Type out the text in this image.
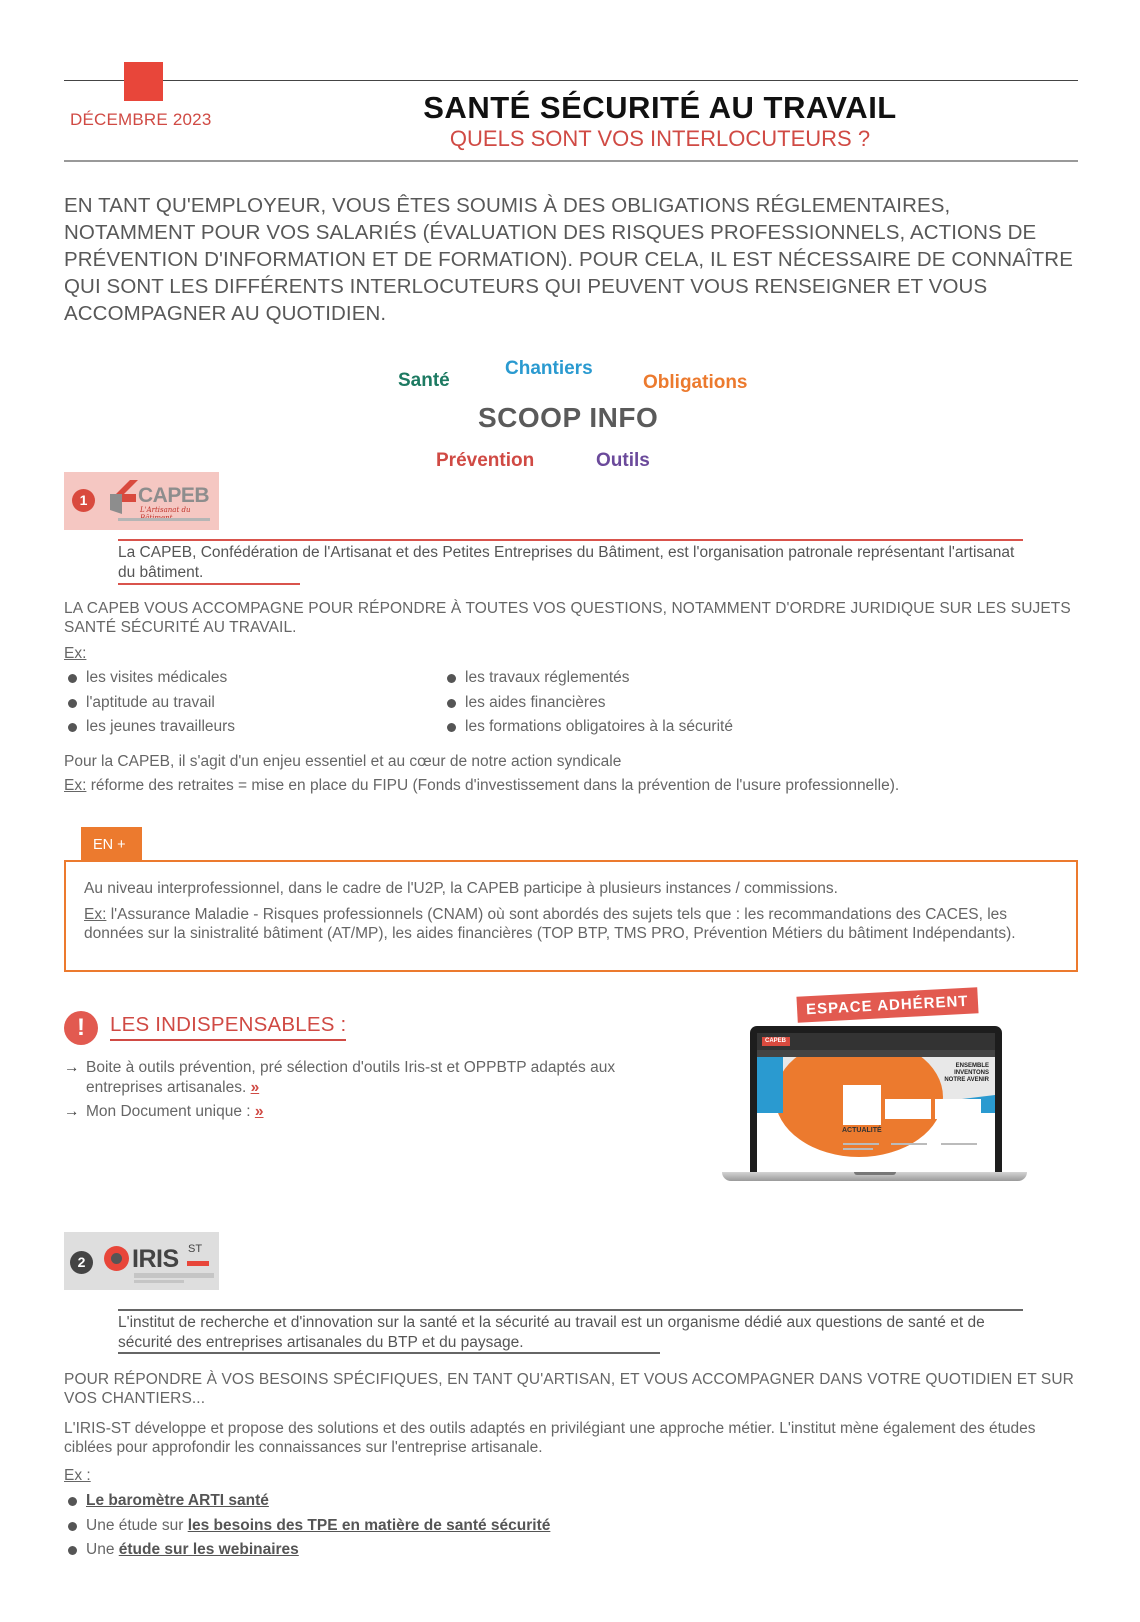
DÉCEMBRE 2023	SANTÉ SÉCURITÉ AU TRAVAIL
QUELS SONT VOS INTERLOCUTEURS ?

EN TANT QU'EMPLOYEUR, VOUS ÊTES SOUMIS À DES OBLIGATIONS RÉGLEMENTAIRES, NOTAMMENT POUR VOS SALARIÉS (ÉVALUATION DES RISQUES PROFESSIONNELS, ACTIONS DE PRÉVENTION D'INFORMATION ET DE FORMATION). POUR CELA, IL EST NÉCESSAIRE DE CONNAÎTRE QUI SONT LES DIFFÉRENTS INTERLOCUTEURS QUI PEUVENT VOUS RENSEIGNER ET VOUS ACCOMPAGNER AU QUOTIDIEN.

Santé
Chantiers
Obligations
SCOOP INFO
Prévention	Outils
1	CAPEB
L'Artisanat du

La CAPEB, Confédération de l'Artisanat et des Petites Entreprises du Bâtiment, est l'organisation patronale représentant l'artisanat du bâtiment.

LA CAPEB VOUS ACCOMPAGNE POUR RÉPONDRE À TOUTES VOS QUESTIONS, NOTAMMENT D'ORDRE JURIDIQUE SUR LES SUJETS SANTÉ SÉCURITÉ AU TRAVAIL.

Ex:
les visites médicales
l'aptitude au travail
les jeunes travailleurs
les travaux réglementés
les aides financières
les formations obligatoires à la sécurité

Pour la CAPEB, il s'agit d'un enjeu essentiel et au cœur de notre action syndicale

Ex: réforme des retraites = mise en place du FIPU (Fonds d'investissement dans la prévention de l'usure professionnelle).

EN +

Au niveau interprofessionnel, dans le cadre de l'U2P, la CAPEB participe à plusieurs instances / commissions.

Ex: l'Assurance Maladie - Risques professionnels (CNAM) où sont abordés des sujets tels que : les recommandations des CACES, les données sur la sinistralité bâtiment (AT/MP), les aides financières (TOP BTP, TMS PRO, Prévention Métiers du bâtiment Indépendants).

!	LES INDISPENSABLES :
→ Boite à outils prévention, pré sélection d'outils Iris-st et OPPBTP adaptés aux entreprises artisanales. »
→ Mon Document unique : »
CAPEB
ENSEMBLE INVENTONS NOTRE AVENIR
ACTUALITÉ
ESPACE ADHÉRENT
2	IRIS ST

L'institut de recherche et d'innovation sur la santé et la sécurité au travail est un organisme dédié aux questions de santé et de sécurité des entreprises artisanales du BTP et du paysage.

POUR RÉPONDRE À VOS BESOINS SPÉCIFIQUES, EN TANT QU'ARTISAN, ET VOUS ACCOMPAGNER DANS VOTRE QUOTIDIEN ET SUR VOS CHANTIERS...

L'IRIS-ST développe et propose des solutions et des outils adaptés en privilégiant une approche métier. L'institut mène également des études ciblées pour approfondir les connaissances sur l'entreprise artisanale.

Ex :
Le baromètre ARTI santé
Une étude sur les besoins des TPE en matière de santé sécurité
Une étude sur les webinaires
